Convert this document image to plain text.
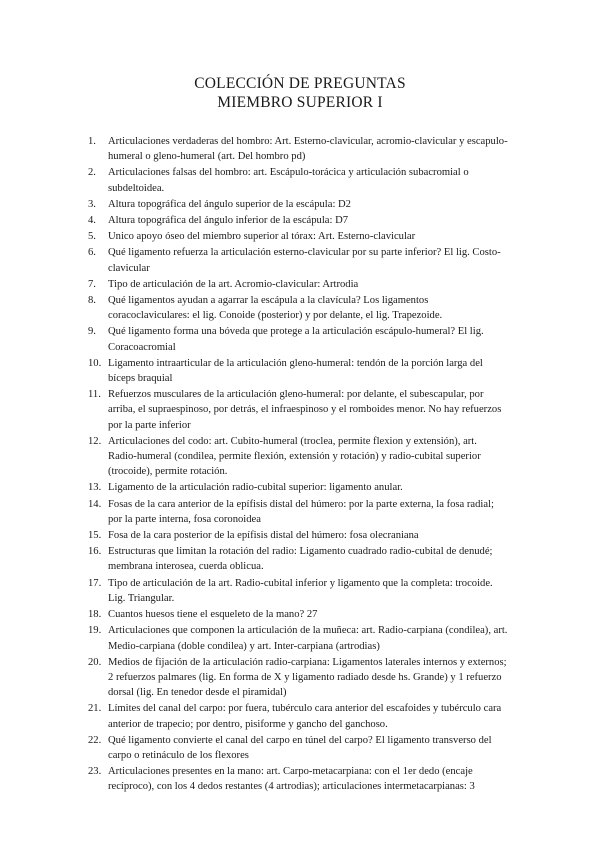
COLECCIÓN DE PREGUNTAS
MIEMBRO SUPERIOR I
1.	Articulaciones verdaderas del hombro: Art. Esterno-clavicular, acromio-clavicular y escapulo-humeral o gleno-humeral (art. Del hombro pd)
2.	Articulaciones falsas del hombro: art. Escápulo-torácica y articulación subacromial o subdeltoidea.
3.	Altura topográfica del ángulo superior de la escápula: D2
4.	Altura topográfica del ángulo inferior de la escápula: D7
5.	Unico apoyo óseo del miembro superior al tórax: Art. Esterno-clavicular
6.	Qué ligamento refuerza la articulación esterno-clavicular por su parte inferior? El lig. Costo-clavicular
7.	Tipo de articulación de la art. Acromio-clavicular: Artrodia
8.	Qué ligamentos ayudan a agarrar la escápula a la clavícula? Los ligamentos coracoclaviculares: el lig. Conoide (posterior) y por delante, el lig. Trapezoide.
9.	Qué ligamento forma una bóveda que protege a la articulación escápulo-humeral? El lig. Coracoacromial
10. Ligamento intraarticular de la articulación gleno-humeral: tendón de la porción larga del bíceps braquial
11. Refuerzos musculares de la articulación gleno-humeral: por delante, el subescapular, por arriba, el supraespinoso, por detrás, el infraespinoso y el romboides menor. No hay refuerzos por la parte inferior
12. Articulaciones del codo: art. Cubito-humeral (troclea, permite flexion y extensión), art. Radio-humeral (condilea, permite flexión, extensión y rotación) y radio-cubital superior (trocoide), permite rotación.
13. Ligamento de la articulación radio-cubital superior: ligamento anular.
14. Fosas de la cara anterior de la epífisis distal del húmero: por la parte externa, la fosa radial; por la parte interna, fosa coronoidea
15. Fosa de la cara posterior de la epífisis distal del húmero: fosa olecraniana
16. Estructuras que limitan la rotación del radio: Ligamento cuadrado radio-cubital de denudé; membrana interosea, cuerda oblicua.
17. Tipo de articulación de la art. Radio-cubital inferior y ligamento que la completa: trocoide. Lig. Triangular.
18. Cuantos huesos tiene el esqueleto de la mano? 27
19. Articulaciones que componen la articulación de la muñeca: art. Radio-carpiana (condilea), art. Medio-carpiana (doble condilea) y art. Inter-carpiana (artrodias)
20. Medios de fijación de la articulación radio-carpiana: Ligamentos laterales internos y externos; 2 refuerzos palmares (lig. En forma de X y ligamento radiado desde hs. Grande) y 1 refuerzo dorsal (lig. En tenedor desde el piramidal)
21. Límites del canal del carpo: por fuera, tubérculo cara anterior del escafoides y tubérculo cara anterior de trapecio; por dentro, pisiforme y gancho del ganchoso.
22. Qué ligamento convierte el canal del carpo en túnel del carpo? El ligamento transverso del carpo o retináculo de los flexores
23. Articulaciones presentes en la mano: art. Carpo-metacarpiana: con el 1er dedo (encaje recíproco), con los 4 dedos restantes (4 artrodias); articulaciones intermetacarpianas: 3
